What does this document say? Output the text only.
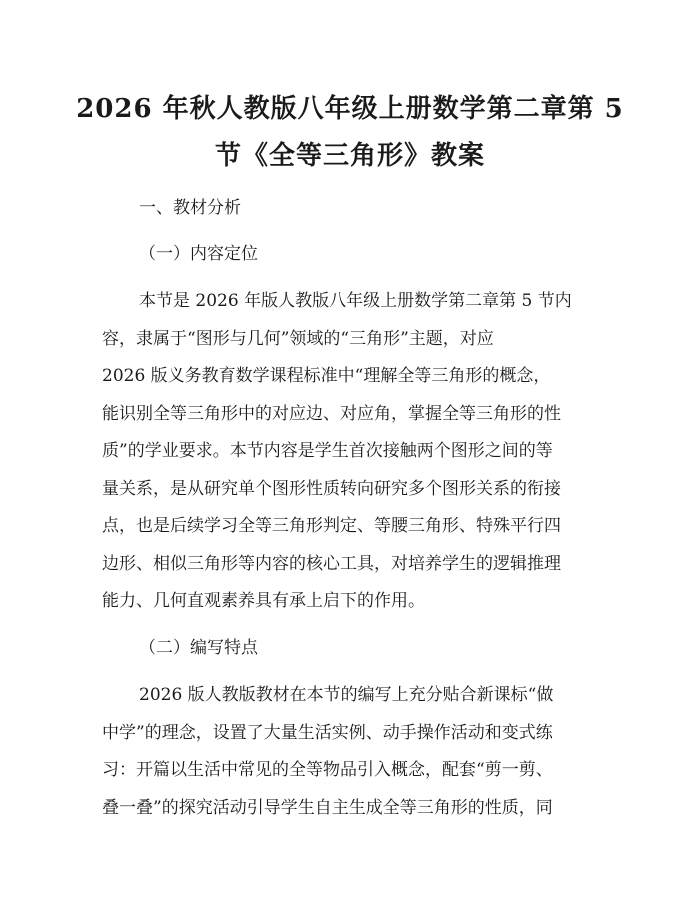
2026 年秋人教版八年级上册数学第二章第 5
节《全等三角形》教案
一、教材分析
（一）内容定位
本节是 2026 年版人教版八年级上册数学第二章第 5 节内
容，隶属于“图形与几何”领域的“三角形”主题，对应
2026 版义务教育数学课程标准中“理解全等三角形的概念，
能识别全等三角形中的对应边、对应角，掌握全等三角形的性
质”的学业要求。本节内容是学生首次接触两个图形之间的等
量关系，是从研究单个图形性质转向研究多个图形关系的衔接
点，也是后续学习全等三角形判定、等腰三角形、特殊平行四
边形、相似三角形等内容的核心工具，对培养学生的逻辑推理
能力、几何直观素养具有承上启下的作用。
（二）编写特点
2026 版人教版教材在本节的编写上充分贴合新课标“做
中学”的理念，设置了大量生活实例、动手操作活动和变式练
习：开篇以生活中常见的全等物品引入概念，配套“剪一剪、
叠一叠”的探究活动引导学生自主生成全等三角形的性质，同
